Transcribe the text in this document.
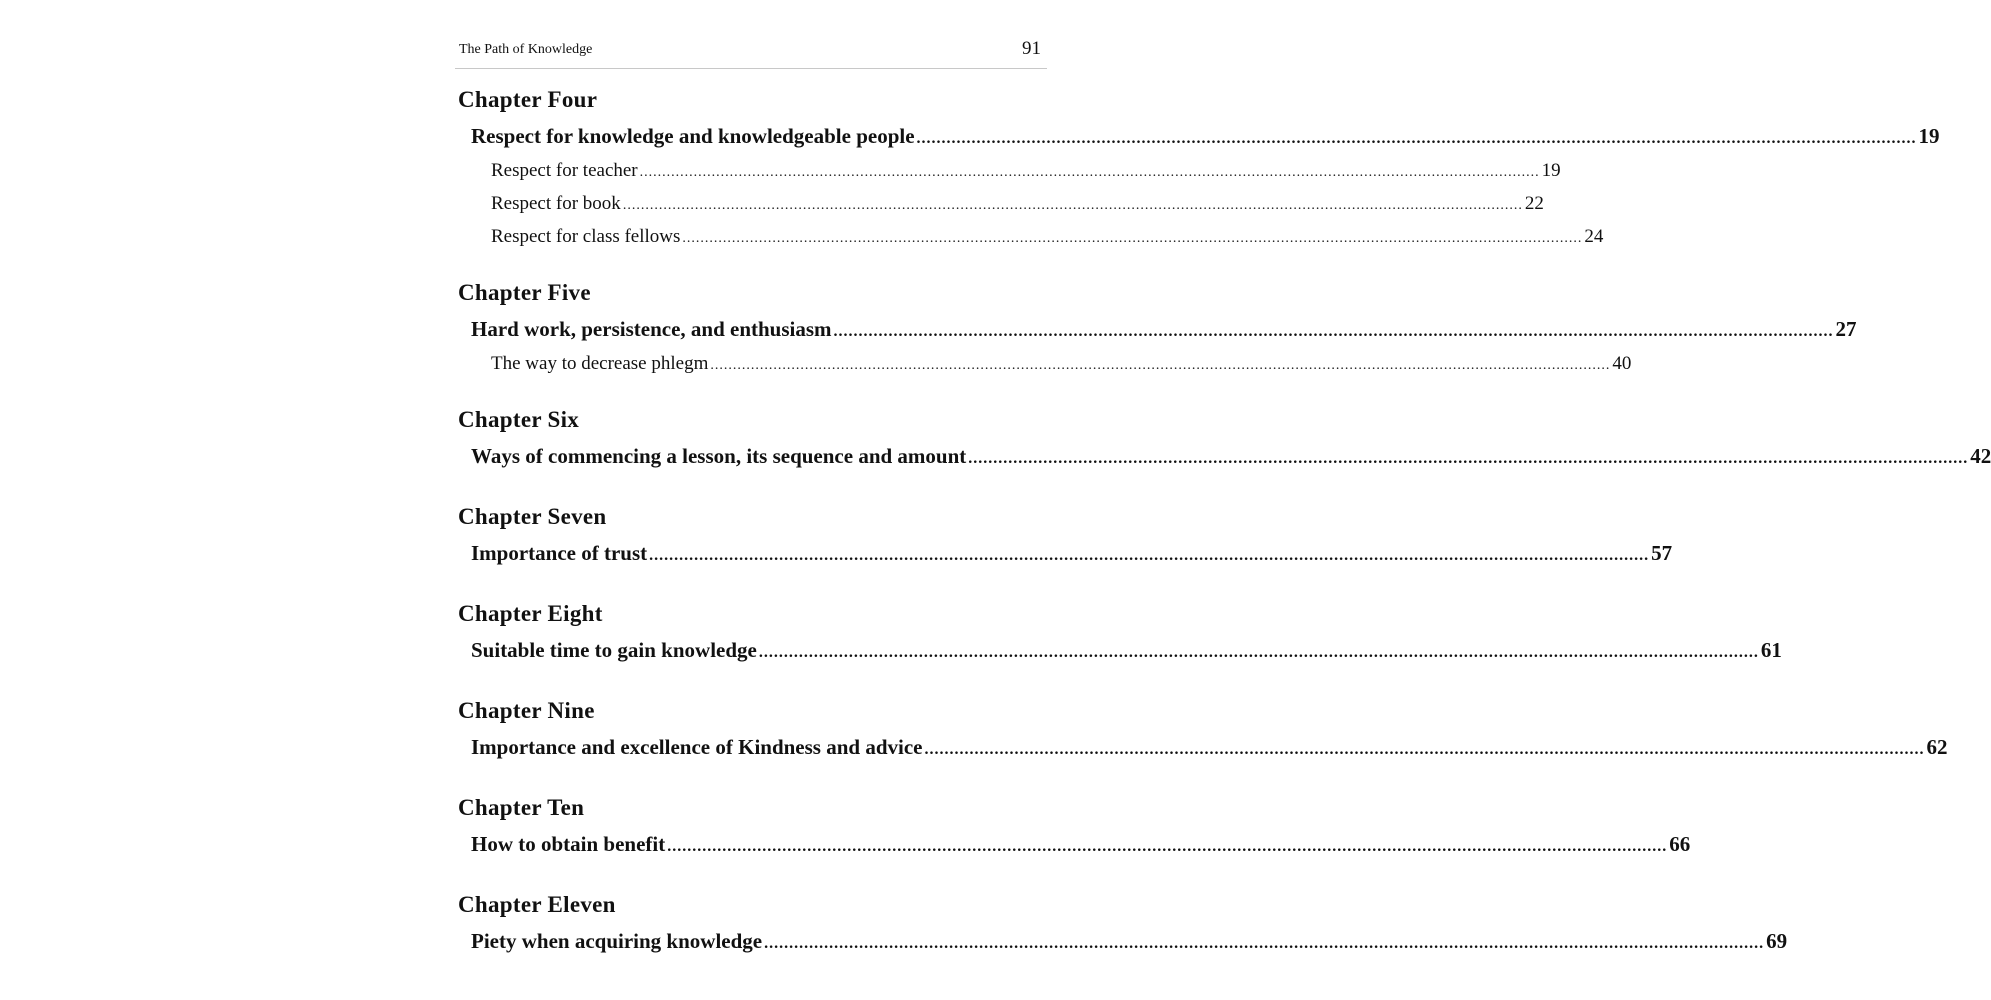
The Path of Knowledge	91
Chapter Four
Respect for knowledge and knowledgeable people ........................................................................................................................................................................................................ 19
Respect for teacher ........................................................................................................................................................................................................ 19
Respect for book ........................................................................................................................................................................................................ 22
Respect for class fellows ........................................................................................................................................................................................................ 24
Chapter Five
Hard work, persistence, and enthusiasm ........................................................................................................................................................................................................ 27
The way to decrease phlegm ........................................................................................................................................................................................................ 40
Chapter Six
Ways of commencing a lesson, its sequence and amount ........................................................................................................................................................................................................ 42
Chapter Seven
Importance of trust ........................................................................................................................................................................................................ 57
Chapter Eight
Suitable time to gain knowledge ........................................................................................................................................................................................................ 61
Chapter Nine
Importance and excellence of Kindness and advice ........................................................................................................................................................................................................ 62
Chapter Ten
How to obtain benefit ........................................................................................................................................................................................................ 66
Chapter Eleven
Piety when acquiring knowledge ........................................................................................................................................................................................................ 69
